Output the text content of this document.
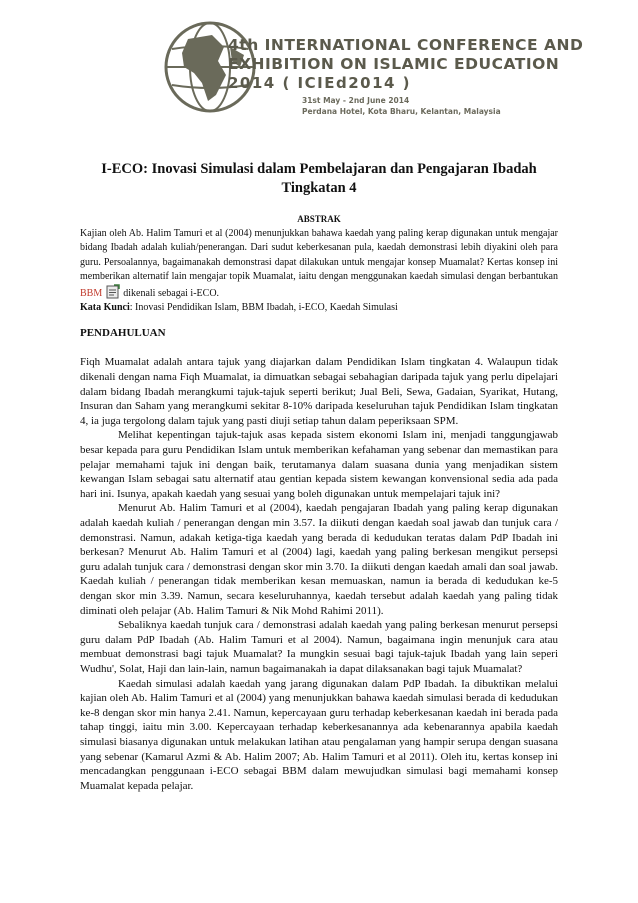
4th INTERNATIONAL CONFERENCE AND
EXHIBITION ON ISLAMIC EDUCATION
2014 ( ICIEd2014 )
31st May - 2nd June 2014
Perdana Hotel, Kota Bharu, Kelantan, Malaysia
I-ECO: Inovasi Simulasi dalam Pembelajaran dan Pengajaran Ibadah Tingkatan 4
ABSTRAK

Kajian oleh Ab. Halim Tamuri et al (2004) menunjukkan bahawa kaedah yang paling kerap digunakan untuk mengajar bidang Ibadah adalah kuliah/penerangan. Dari sudut keberkesanan pula, kaedah demonstrasi lebih diyakini oleh para guru. Persoalannya, bagaimanakah demonstrasi dapat dilakukan untuk mengajar konsep Muamalat? Kertas konsep ini memberikan alternatif lain mengajar topik Muamalat, iaitu dengan menggunakan kaedah simulasi dengan berbantukan BBM dikenali sebagai i-ECO.

Kata Kunci: Inovasi Pendidikan Islam, BBM Ibadah, i-ECO, Kaedah Simulasi

PENDAHULUAN

Fiqh Muamalat adalah antara tajuk yang diajarkan dalam Pendidikan Islam tingkatan 4. Walaupun tidak dikenali dengan nama Fiqh Muamalat, ia dimuatkan sebagai sebahagian daripada tajuk yang perlu dipelajari dalam bidang Ibadah merangkumi tajuk-tajuk seperti berikut; Jual Beli, Sewa, Gadaian, Syarikat, Hutang, Insuran dan Saham yang merangkumi sekitar 8-10% daripada keseluruhan tajuk Pendidikan Islam tingkatan 4, ia juga tergolong dalam tajuk yang pasti diuji setiap tahun dalam peperiksaan SPM.

Melihat kepentingan tajuk-tajuk asas kepada sistem ekonomi Islam ini, menjadi tanggungjawab besar kepada para guru Pendidikan Islam untuk memberikan kefahaman yang sebenar dan memastikan para pelajar memahami tajuk ini dengan baik, terutamanya dalam suasana dunia yang menjadikan sistem kewangan Islam sebagai satu alternatif atau gentian kepada sistem kewangan konvensional sedia ada pada hari ini. Isunya, apakah kaedah yang sesuai yang boleh digunakan untuk mempelajari tajuk ini?

Menurut Ab. Halim Tamuri et al (2004), kaedah pengajaran Ibadah yang paling kerap digunakan adalah kaedah kuliah / penerangan dengan min 3.57. Ia diikuti dengan kaedah soal jawab dan tunjuk cara / demonstrasi. Namun, adakah ketiga-tiga kaedah yang berada di kedudukan teratas dalam PdP Ibadah ini berkesan? Menurut Ab. Halim Tamuri et al (2004) lagi, kaedah yang paling berkesan mengikut persepsi guru adalah tunjuk cara / demonstrasi dengan skor min 3.70. Ia diikuti dengan kaedah amali dan soal jawab. Kaedah kuliah / penerangan tidak memberikan kesan memuaskan, namun ia berada di kedudukan ke-5 dengan skor min 3.39. Namun, secara keseluruhannya, kaedah tersebut adalah kaedah yang paling tidak diminati oleh pelajar (Ab. Halim Tamuri & Nik Mohd Rahimi 2011).

Sebaliknya kaedah tunjuk cara / demonstrasi adalah kaedah yang paling berkesan menurut persepsi guru dalam PdP Ibadah (Ab. Halim Tamuri et al 2004). Namun, bagaimana ingin menunjuk cara atau membuat demonstrasi bagi tajuk Muamalat? Ia mungkin sesuai bagi tajuk-tajuk Ibadah yang lain seperi Wudhu', Solat, Haji dan lain-lain, namun bagaimanakah ia dapat dilaksanakan bagi tajuk Muamalat?

Kaedah simulasi adalah kaedah yang jarang digunakan dalam PdP Ibadah. Ia dibuktikan melalui kajian oleh Ab. Halim Tamuri et al (2004) yang menunjukkan bahawa kaedah simulasi berada di kedudukan ke-8 dengan skor min hanya 2.41. Namun, kepercayaan guru terhadap keberkesanan kaedah ini berada pada tahap tinggi, iaitu min 3.00. Kepercayaan terhadap keberkesanannya ada kebenarannya apabila kaedah simulasi biasanya digunakan untuk melakukan latihan atau pengalaman yang hampir serupa dengan suasana yang sebenar (Kamarul Azmi & Ab. Halim 2007; Ab. Halim Tamuri et al 2011). Oleh itu, kertas konsep ini mencadangkan penggunaan i-ECO sebagai BBM dalam mewujudkan simulasi bagi memahami konsep Muamalat kepada pelajar.
